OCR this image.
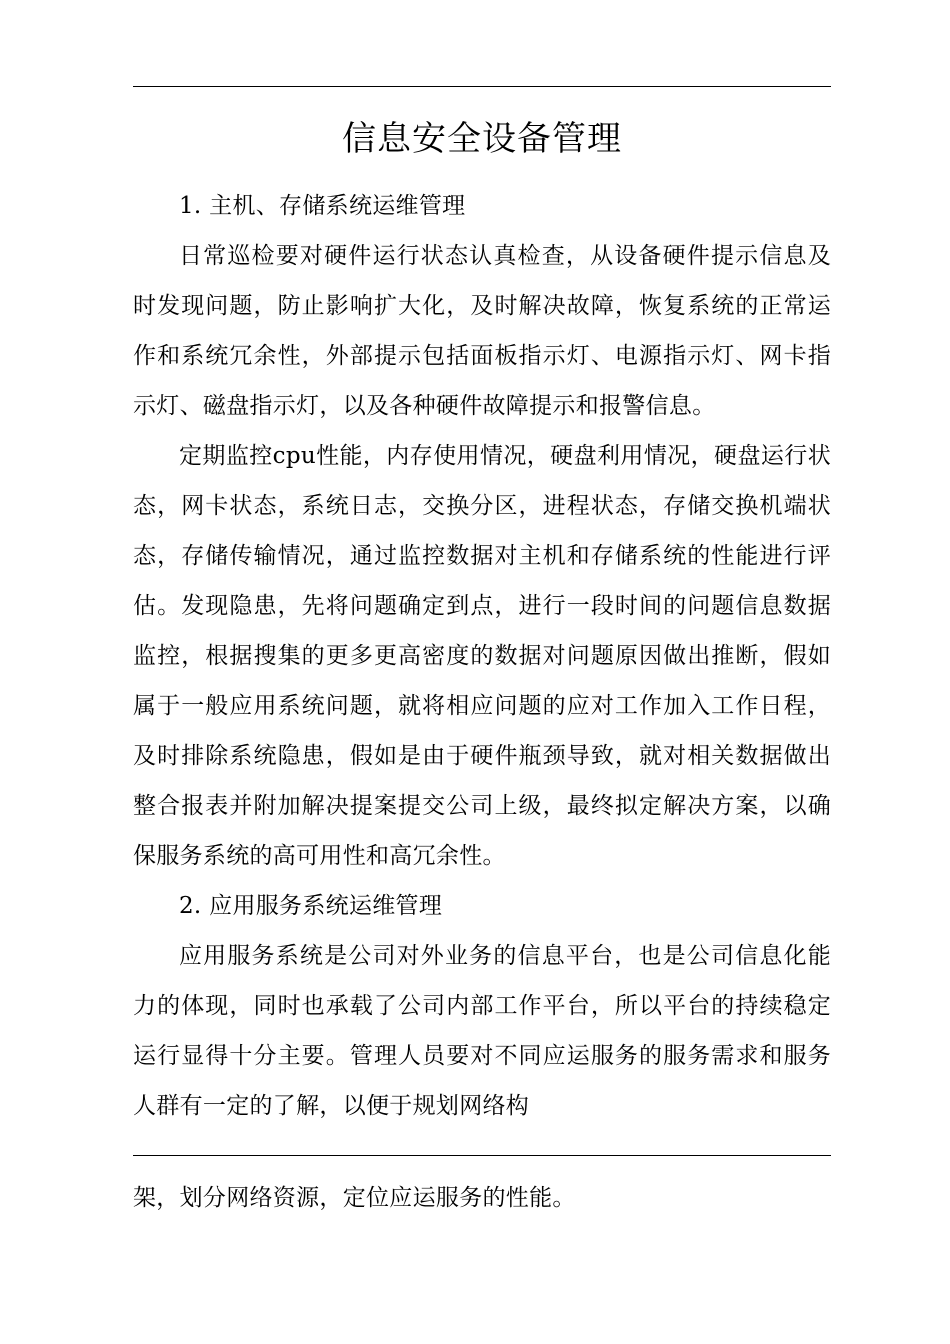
信息安全设备管理

1. 主机、存储系统运维管理

日常巡检要对硬件运行状态认真检查，从设备硬件提示信息及时发现问题，防止影响扩大化，及时解决故障，恢复系统的正常运作和系统冗余性，外部提示包括面板指示灯、电源指示灯、网卡指示灯、磁盘指示灯，以及各种硬件故障提示和报警信息。

定期监控cpu性能，内存使用情况，硬盘利用情况，硬盘运行状态，网卡状态，系统日志，交换分区，进程状态，存储交换机端状态，存储传输情况，通过监控数据对主机和存储系统的性能进行评估。发现隐患，先将问题确定到点，进行一段时间的问题信息数据监控，根据搜集的更多更高密度的数据对问题原因做出推断，假如属于一般应用系统问题，就将相应问题的应对工作加入工作日程，及时排除系统隐患，假如是由于硬件瓶颈导致，就对相关数据做出整合报表并附加解决提案提交公司上级，最终拟定解决方案，以确保服务系统的高可用性和高冗余性。

2. 应用服务系统运维管理

应用服务系统是公司对外业务的信息平台，也是公司信息化能力的体现，同时也承载了公司内部工作平台，所以平台的持续稳定运行显得十分主要。管理人员要对不同应运服务的服务需求和服务人群有一定的了解，以便于规划网络构

架，划分网络资源，定位应运服务的性能。
